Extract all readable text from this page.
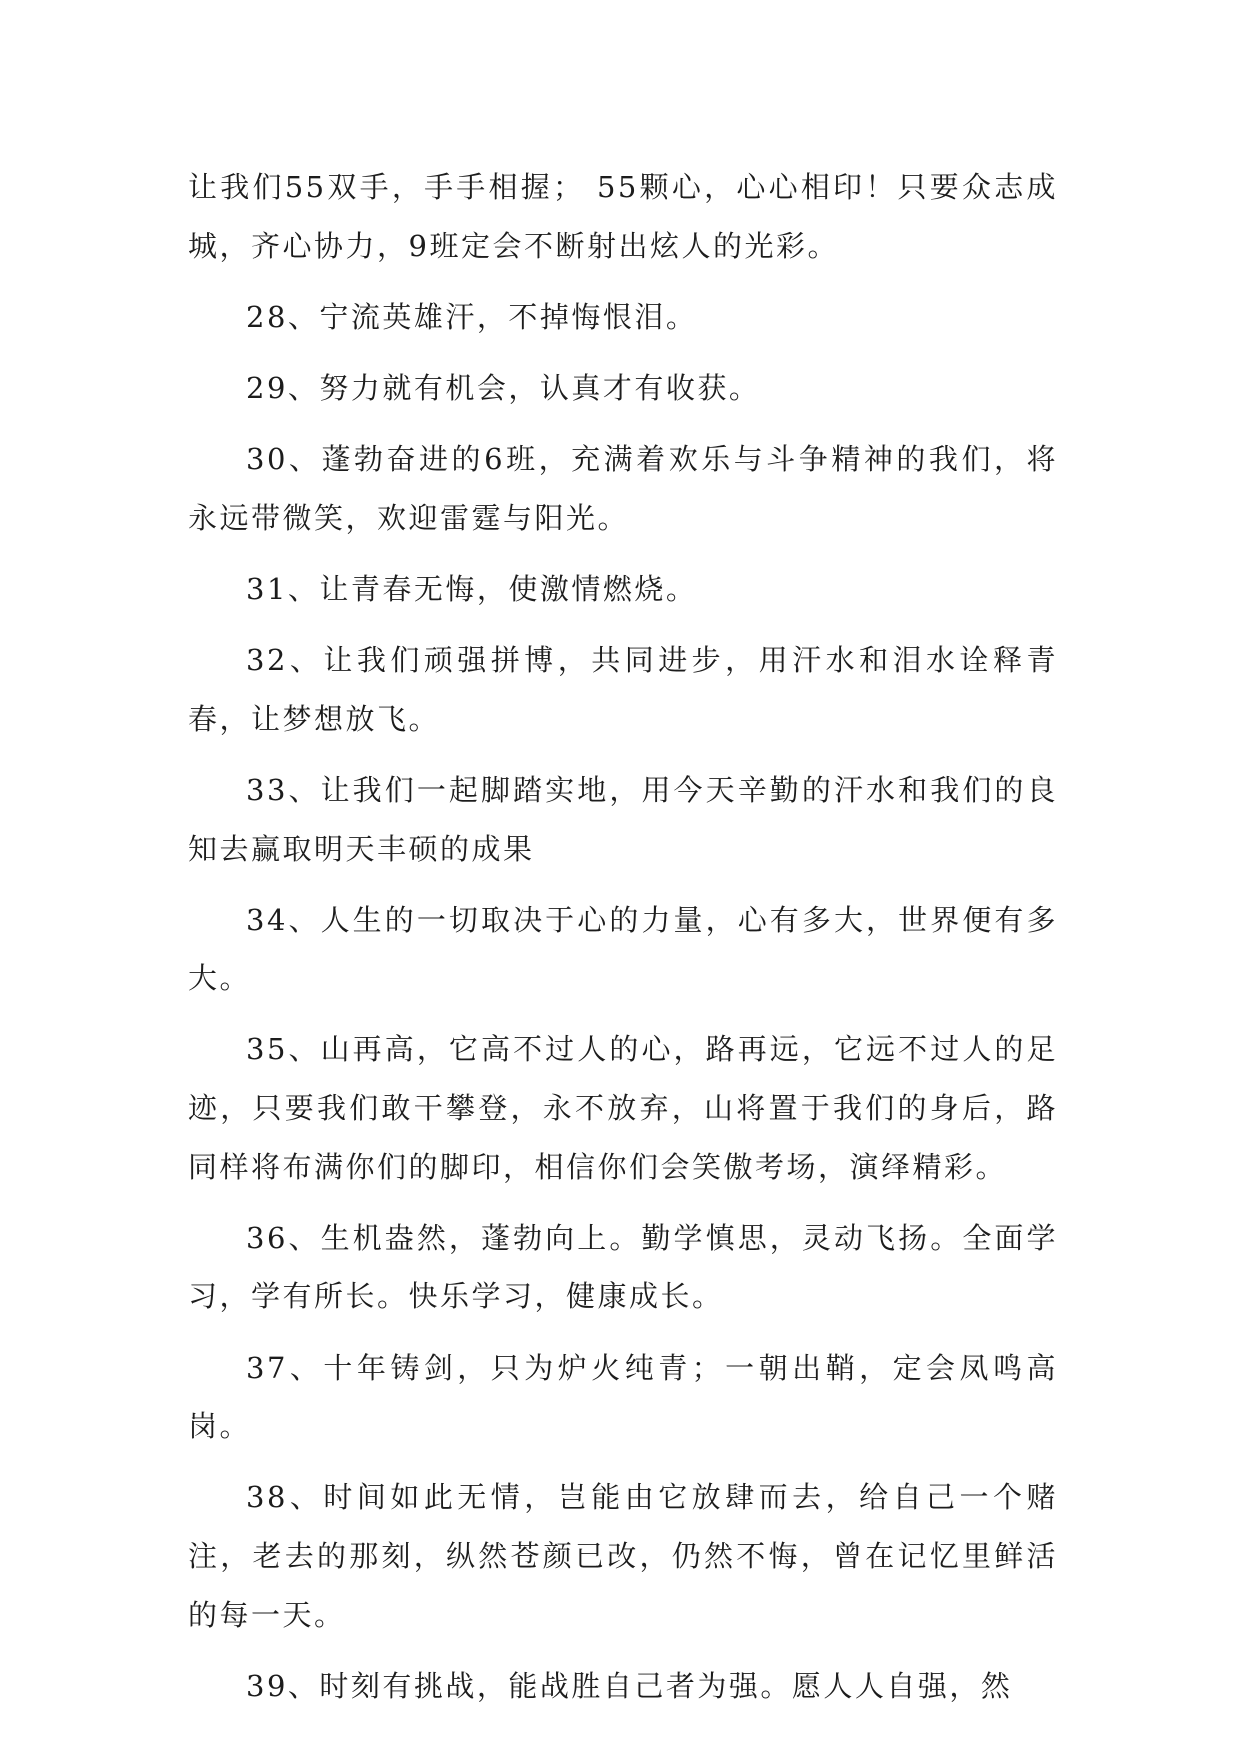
让我们55双手，手手相握； 55颗心，心心相印！只要众志成城，齐心协力，9班定会不断射出炫人的光彩。

28、宁流英雄汗，不掉悔恨泪。

29、努力就有机会，认真才有收获。

30、蓬勃奋进的6班，充满着欢乐与斗争精神的我们，将永远带微笑，欢迎雷霆与阳光。

31、让青春无悔，使激情燃烧。

32、让我们顽强拼博，共同进步，用汗水和泪水诠释青春，让梦想放飞。

33、让我们一起脚踏实地，用今天辛勤的汗水和我们的良知去赢取明天丰硕的成果

34、人生的一切取决于心的力量，心有多大，世界便有多大。

35、山再高，它高不过人的心，路再远，它远不过人的足迹，只要我们敢干攀登，永不放弃，山将置于我们的身后，路同样将布满你们的脚印，相信你们会笑傲考场，演绎精彩。

36、生机盎然，蓬勃向上。勤学慎思，灵动飞扬。全面学习，学有所长。快乐学习，健康成长。

37、十年铸剑，只为炉火纯青；一朝出鞘，定会凤鸣高岗。

38、时间如此无情，岂能由它放肆而去，给自己一个赌注，老去的那刻，纵然苍颜已改，仍然不悔，曾在记忆里鲜活的每一天。

39、时刻有挑战，能战胜自己者为强。愿人人自强，然
